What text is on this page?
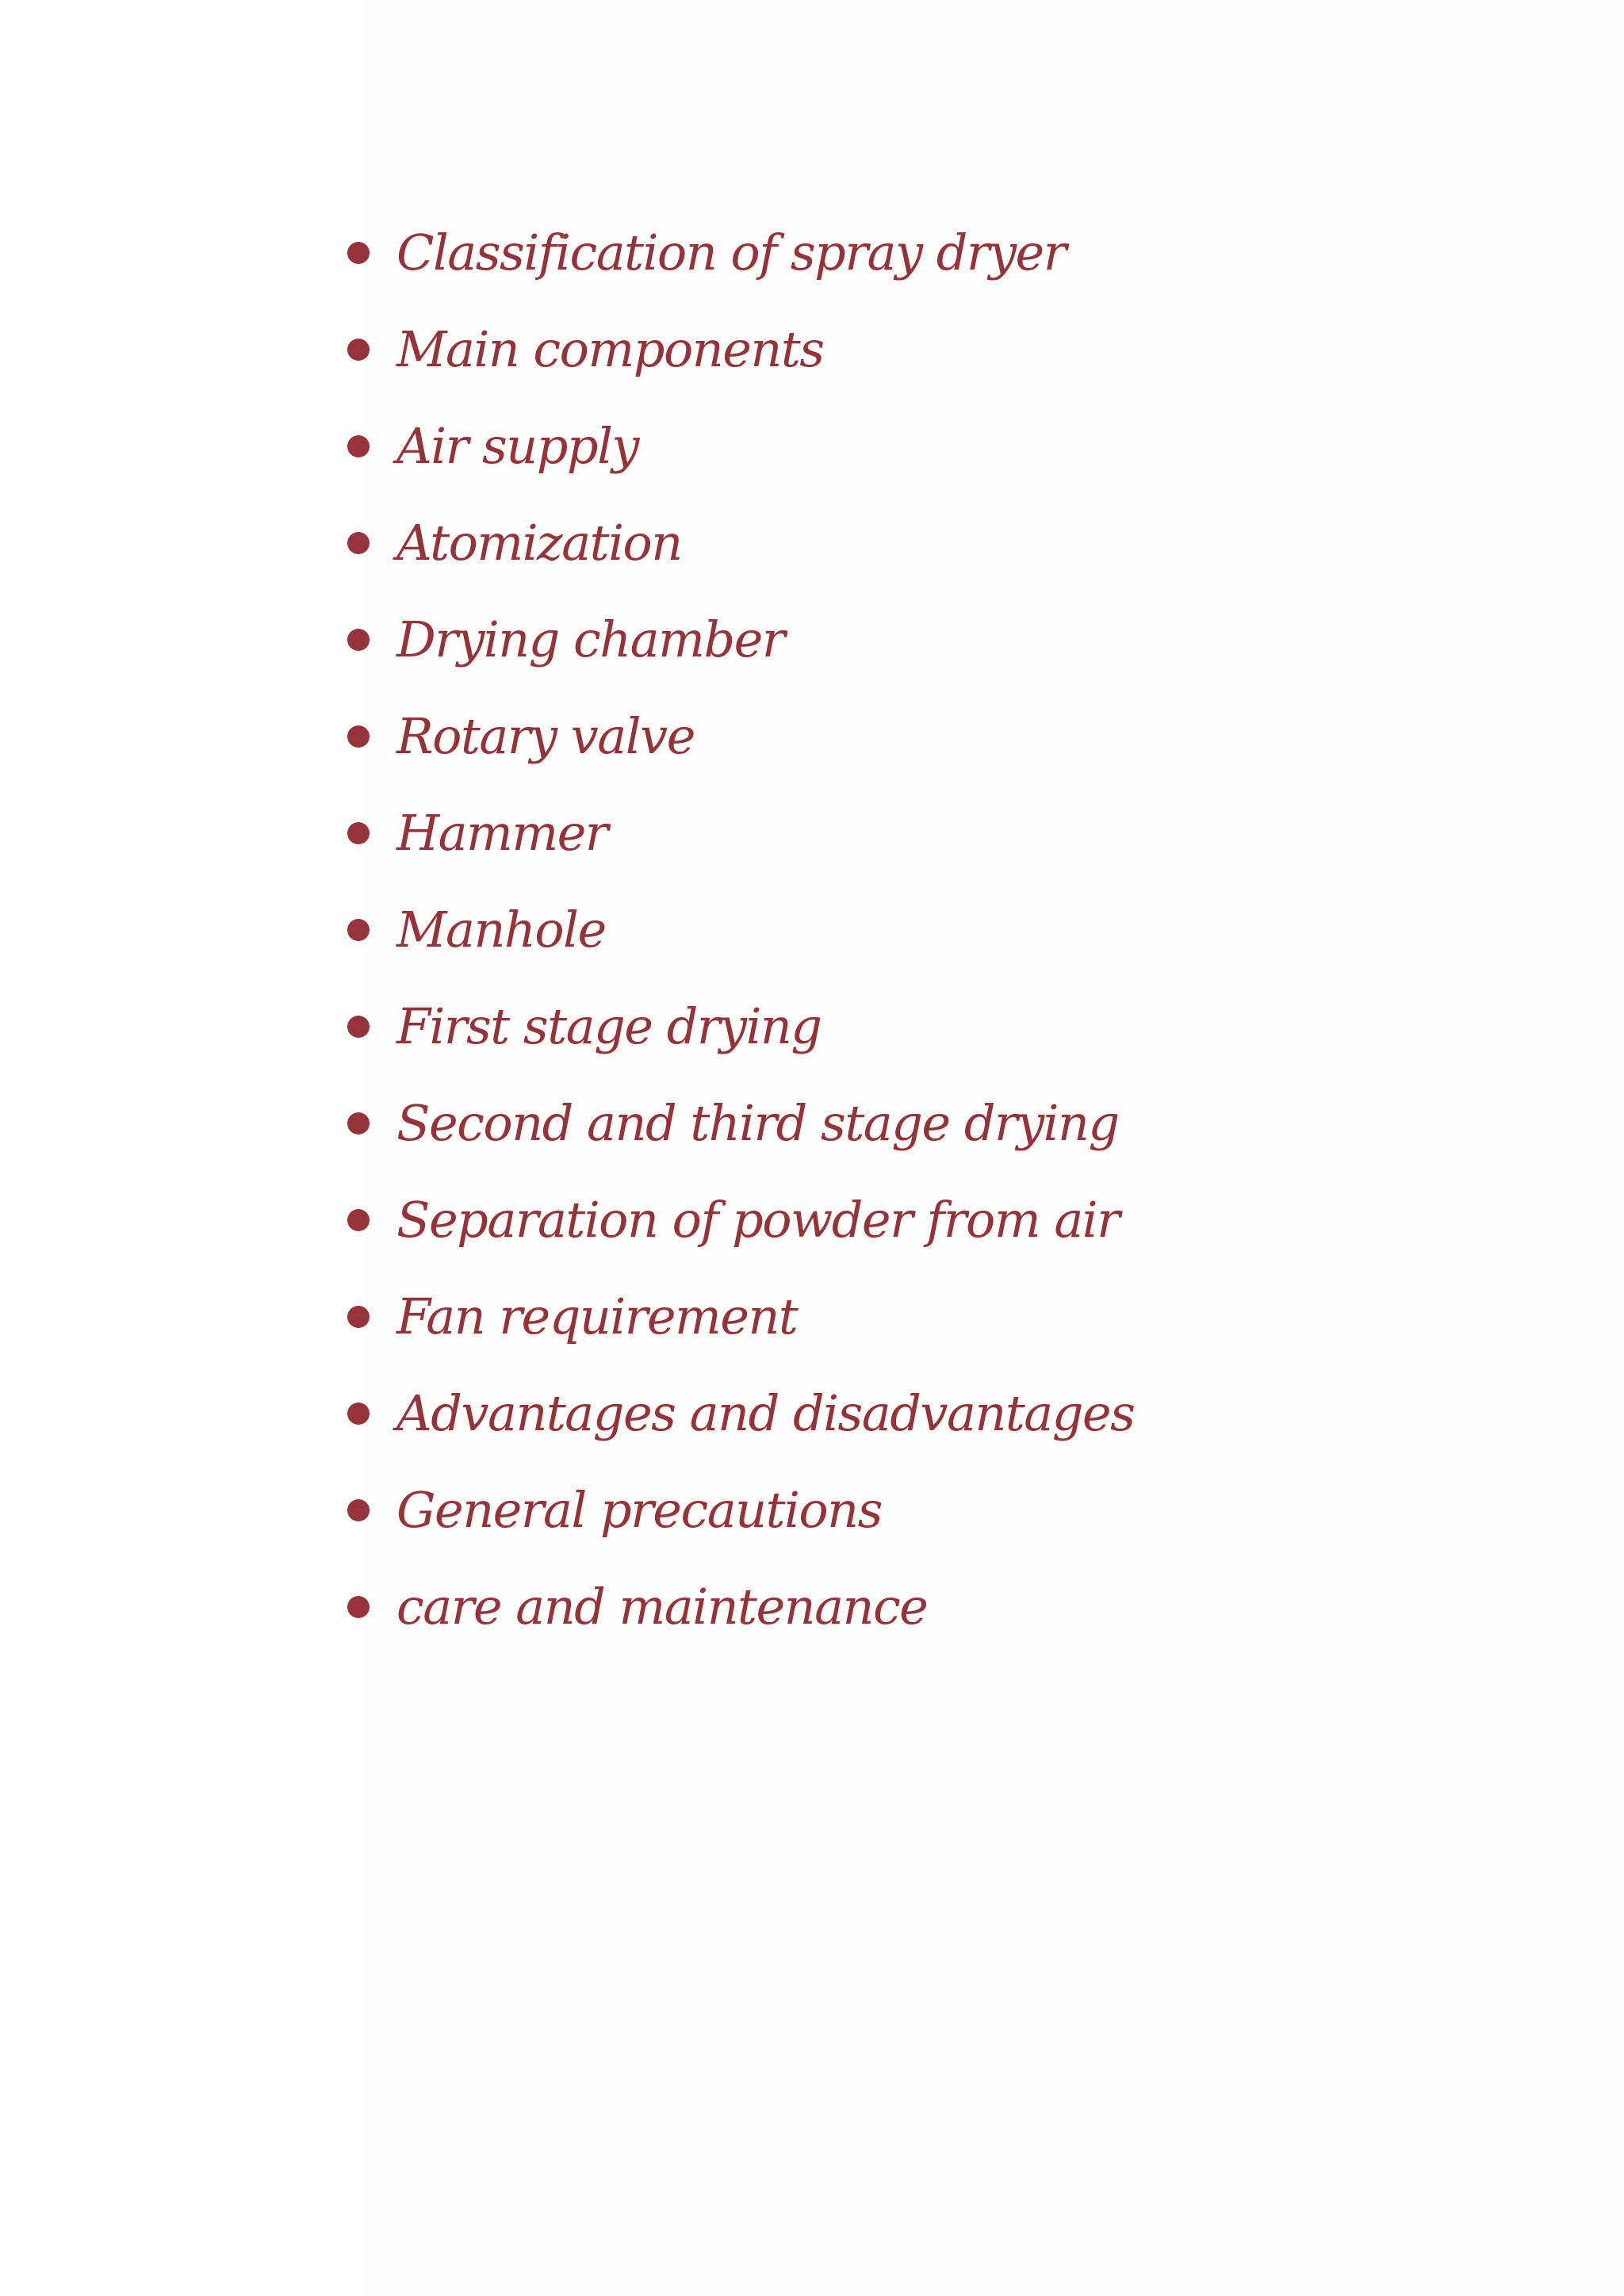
Classification of spray dryer
Main components
Air supply
Atomization
Drying chamber
Rotary valve
Hammer
Manhole
First stage drying
Second and third stage drying
Separation of powder from air
Fan requirement
Advantages and disadvantages
General precautions
care and maintenance
